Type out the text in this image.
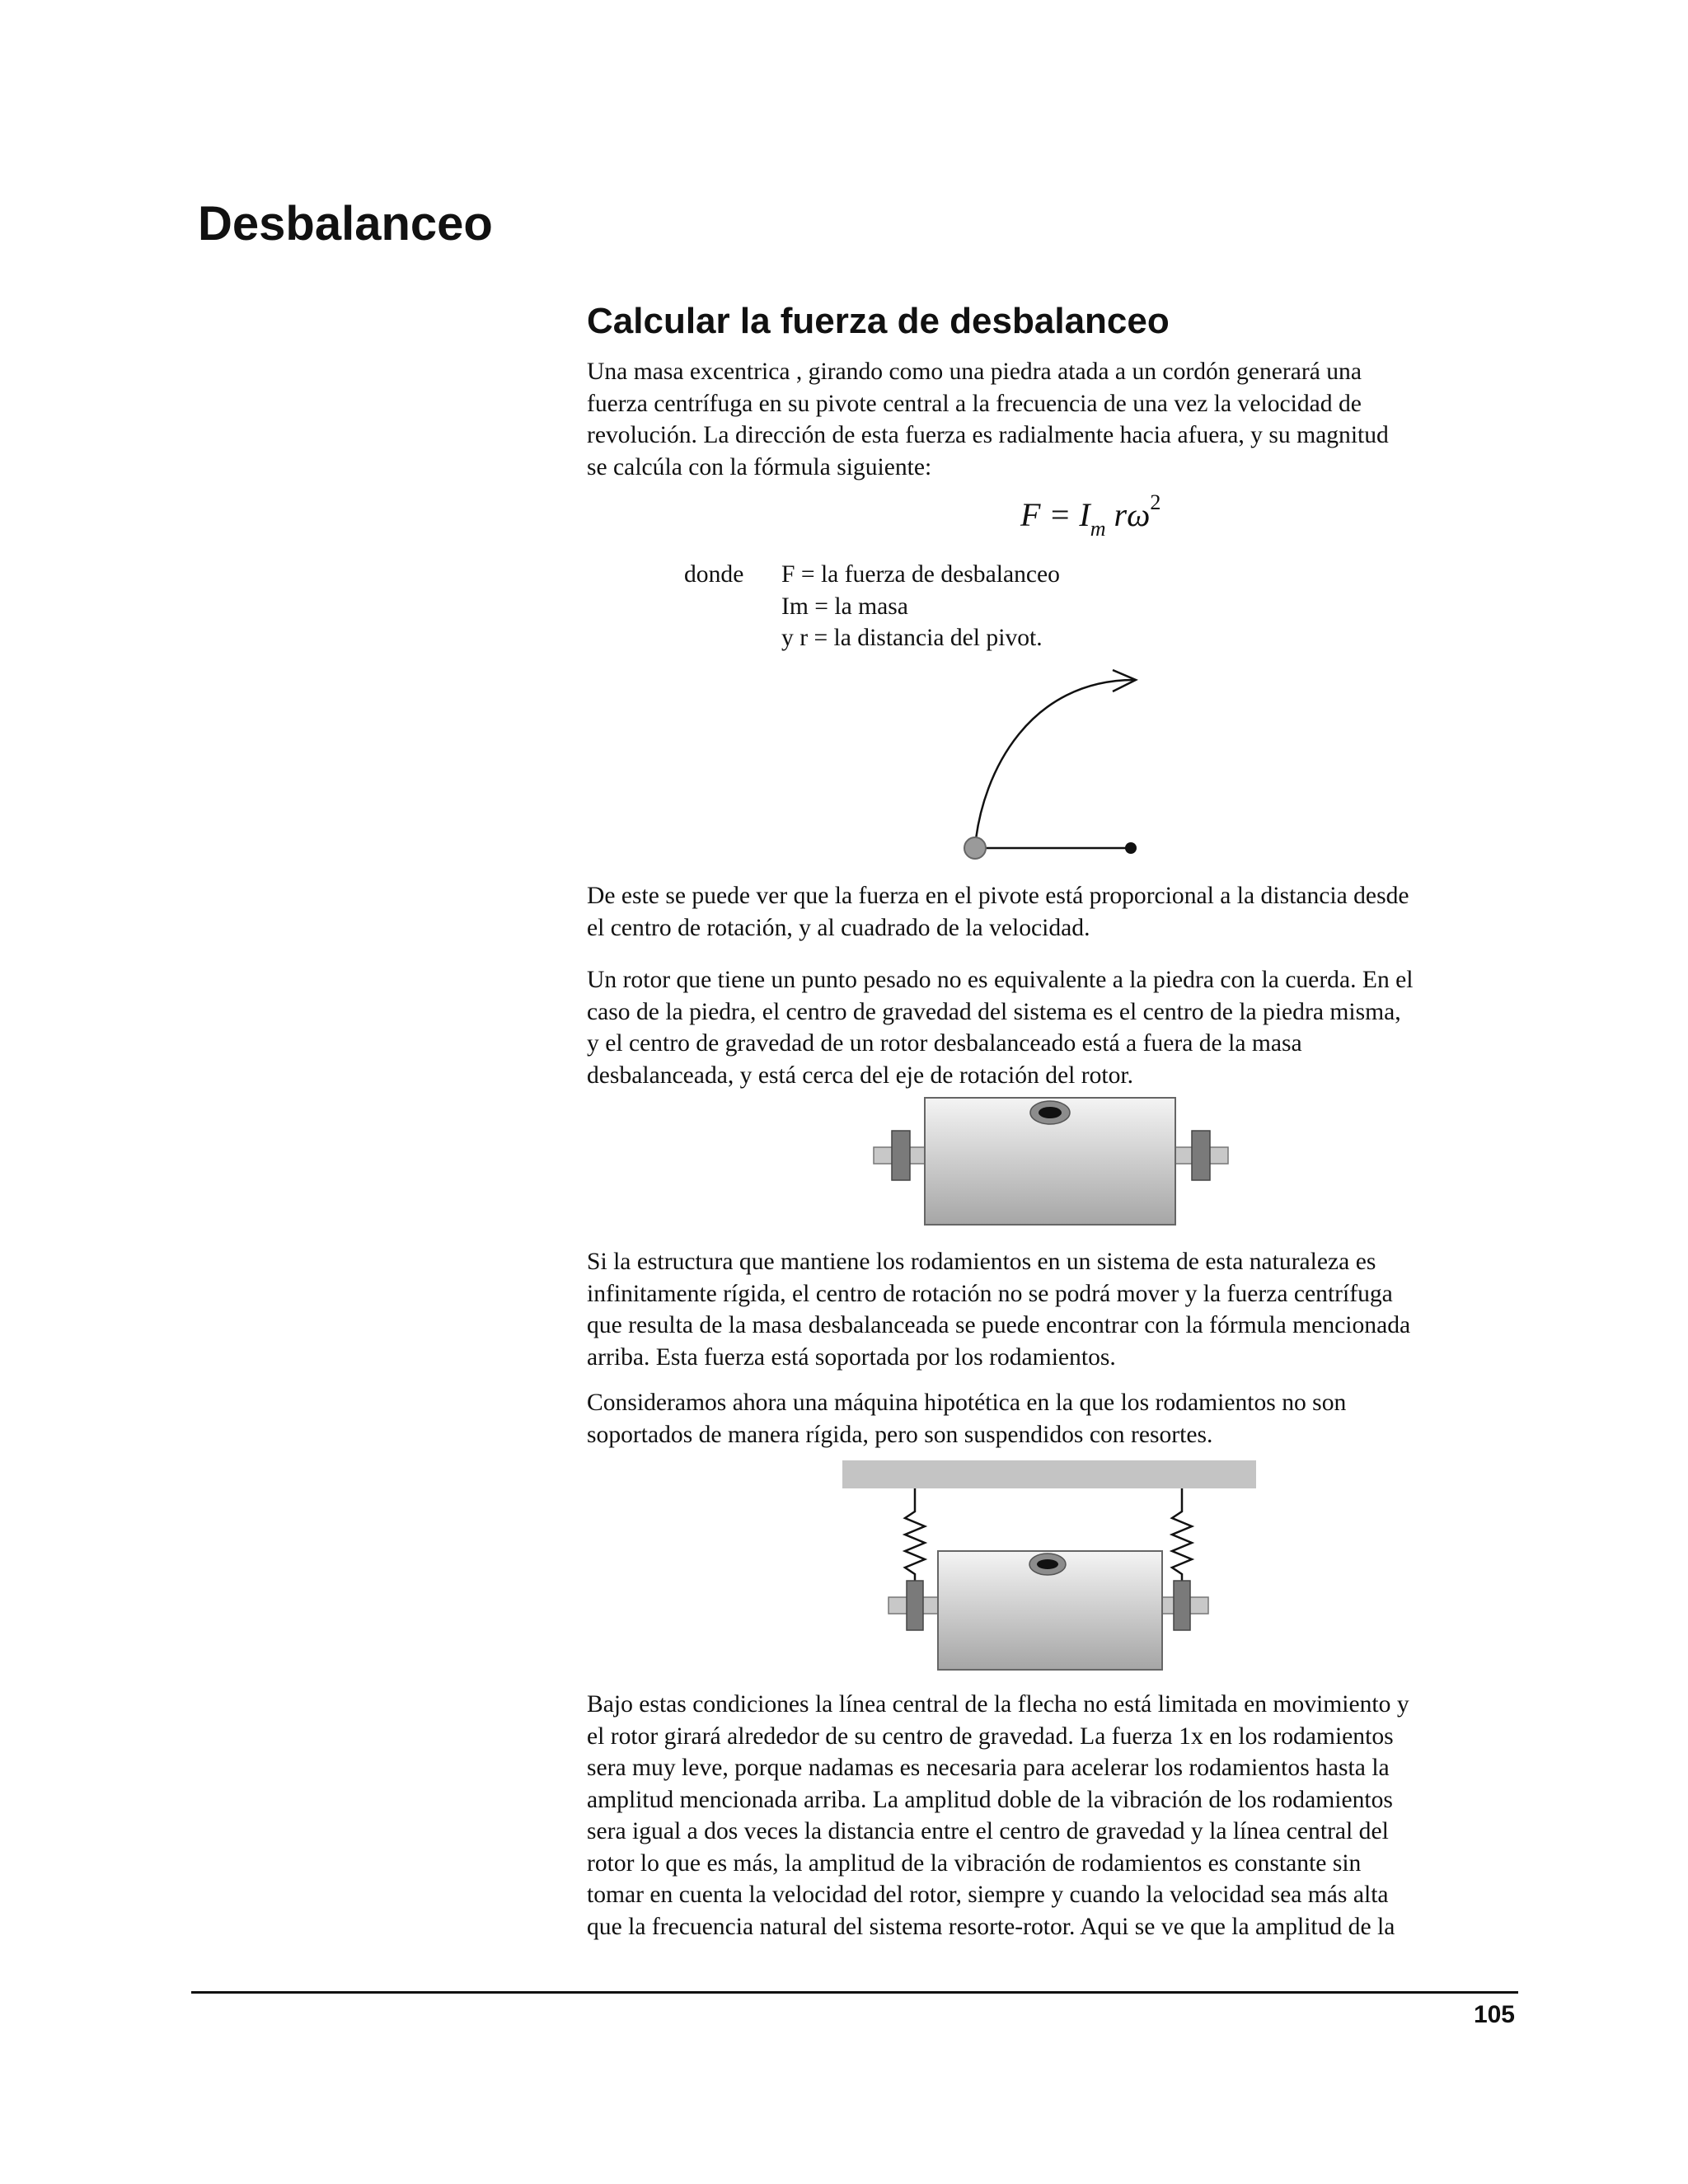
Desbalanceo
Calcular la fuerza de desbalanceo

Una masa excentrica , girando como una piedra atada a un cordón generará una
fuerza centrífuga en su pivote central a la frecuencia de una vez la velocidad de
revolución. La dirección de esta fuerza es radialmente hacia afuera, y su magnitud
se calcúla con la fórmula siguiente:

$F = I_m$ $r\omega^2$

donde F = la fuerza de desbalanceo
Im = la masa
y r = la distancia del pivot.

De este se puede ver que la fuerza en el pivote está proporcional a la distancia desde
el centro de rotación, y al cuadrado de la velocidad.

Un rotor que tiene un punto pesado no es equivalente a la piedra con la cuerda. En el
caso de la piedra, el centro de gravedad del sistema es el centro de la piedra misma,
y el centro de gravedad de un rotor desbalanceado está a fuera de la masa
desbalanceada, y está cerca del eje de rotación del rotor.

Si la estructura que mantiene los rodamientos en un sistema de esta naturaleza es
infinitamente rígida, el centro de rotación no se podrá mover y la fuerza centrífuga
que resulta de la masa desbalanceada se puede encontrar con la fórmula mencionada
arriba. Esta fuerza está soportada por los rodamientos.

Consideramos ahora una máquina hipotética en la que los rodamientos no son
soportados de manera rígida, pero son suspendidos con resortes.

Bajo estas condiciones la línea central de la flecha no está limitada en movimiento y
el rotor girará alrededor de su centro de gravedad. La fuerza 1x en los rodamientos
sera muy leve, porque nadamas es necesaria para acelerar los rodamientos hasta la
amplitud mencionada arriba. La amplitud doble de la vibración de los rodamientos
sera igual a dos veces la distancia entre el centro de gravedad y la línea central del
rotor lo que es más, la amplitud de la vibración de rodamientos es constante sin
tomar en cuenta la velocidad del rotor, siempre y cuando la velocidad sea más alta
que la frecuencia natural del sistema resorte-rotor. Aqui se ve que la amplitud de la

105
